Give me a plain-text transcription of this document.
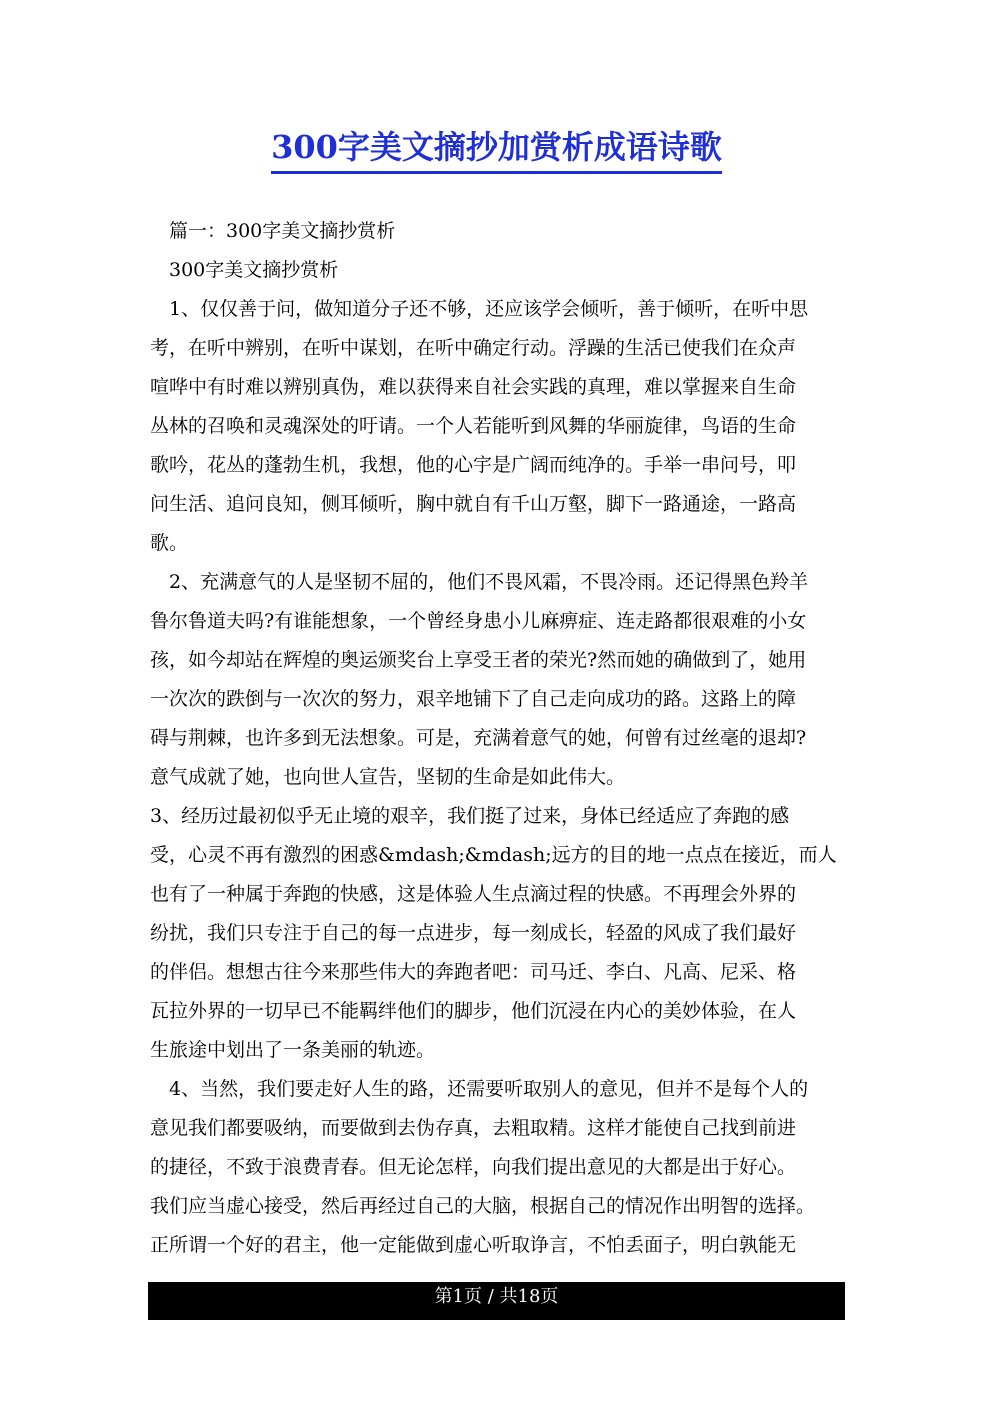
300字美文摘抄加赏析成语诗歌
　篇一：300字美文摘抄赏析
　300字美文摘抄赏析
　1、仅仅善于问，做知道分子还不够，还应该学会倾听，善于倾听，在听中思
考，在听中辨别，在听中谋划，在听中确定行动。浮躁的生活已使我们在众声
喧哗中有时难以辨别真伪，难以获得来自社会实践的真理，难以掌握来自生命
丛林的召唤和灵魂深处的吁请。一个人若能听到风舞的华丽旋律，鸟语的生命
歌吟，花丛的蓬勃生机，我想，他的心宇是广阔而纯净的。手举一串问号，叩
问生活、追问良知，侧耳倾听，胸中就自有千山万壑，脚下一路通途，一路高
歌。
　2、充满意气的人是坚韧不屈的，他们不畏风霜，不畏冷雨。还记得黑色羚羊
鲁尔鲁道夫吗?有谁能想象，一个曾经身患小儿麻痹症、连走路都很艰难的小女
孩，如今却站在辉煌的奥运颁奖台上享受王者的荣光?然而她的确做到了，她用
一次次的跌倒与一次次的努力，艰辛地铺下了自己走向成功的路。这路上的障
碍与荆棘，也许多到无法想象。可是，充满着意气的她，何曾有过丝毫的退却?
意气成就了她，也向世人宣告，坚韧的生命是如此伟大。
3、经历过最初似乎无止境的艰辛，我们挺了过来，身体已经适应了奔跑的感
受，心灵不再有激烈的困惑&mdash;&mdash;远方的目的地一点点在接近，而人
也有了一种属于奔跑的快感，这是体验人生点滴过程的快感。不再理会外界的
纷扰，我们只专注于自己的每一点进步，每一刻成长，轻盈的风成了我们最好
的伴侣。想想古往今来那些伟大的奔跑者吧：司马迁、李白、凡高、尼采、格
瓦拉外界的一切早已不能羁绊他们的脚步，他们沉浸在内心的美妙体验，在人
生旅途中划出了一条美丽的轨迹。
　4、当然，我们要走好人生的路，还需要听取别人的意见，但并不是每个人的
意见我们都要吸纳，而要做到去伪存真，去粗取精。这样才能使自己找到前进
的捷径，不致于浪费青春。但无论怎样，向我们提出意见的大都是出于好心。
我们应当虚心接受，然后再经过自己的大脑，根据自己的情况作出明智的选择。
正所谓一个好的君主，他一定能做到虚心听取诤言，不怕丢面子，明白孰能无
第1页 / 共18页
